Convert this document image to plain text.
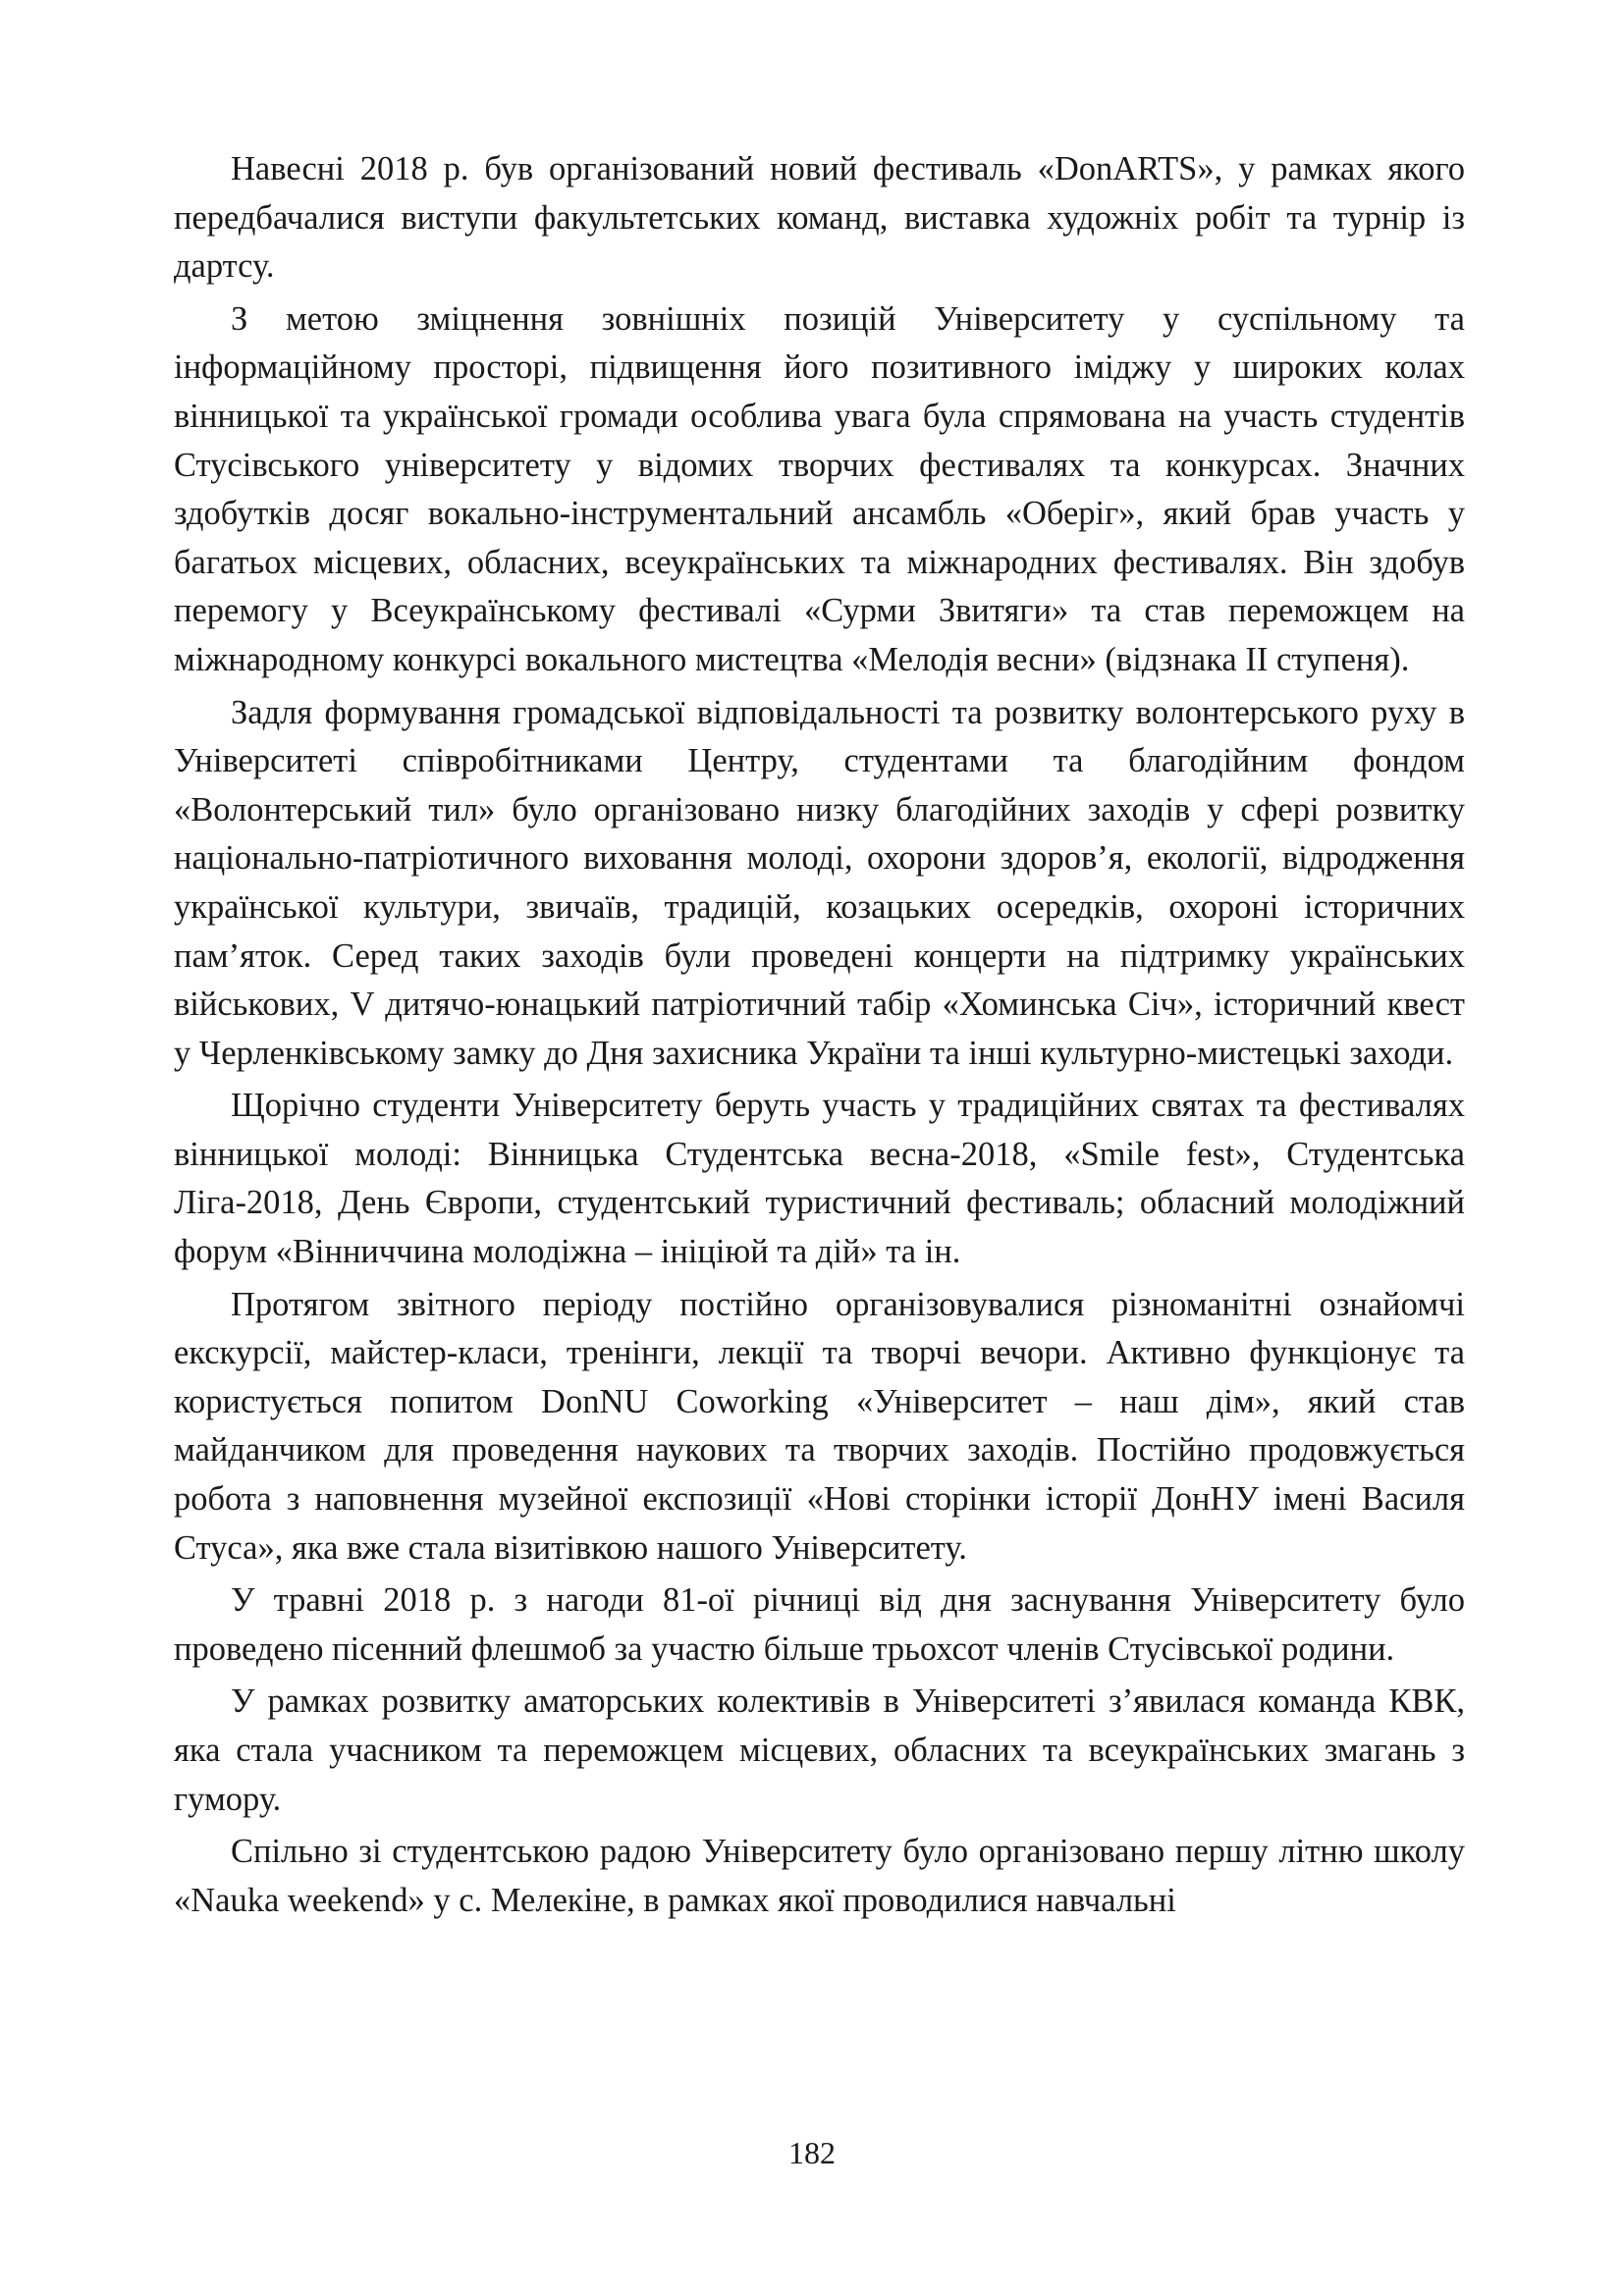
Навесні 2018 р. був організований новий фестиваль «DonARTS», у рамках якого передбачалися виступи факультетських команд, виставка художніх робіт та турнір із дартсу.

З метою зміцнення зовнішніх позицій Університету у суспільному та інформаційному просторі, підвищення його позитивного іміджу у широких колах вінницької та української громади особлива увага була спрямована на участь студентів Стусівського університету у відомих творчих фестивалях та конкурсах. Значних здобутків досяг вокально-інструментальний ансамбль «Оберіг», який брав участь у багатьох місцевих, обласних, всеукраїнських та міжнародних фестивалях. Він здобув перемогу у Всеукраїнському фестивалі «Сурми Звитяги» та став переможцем на міжнародному конкурсі вокального мистецтва «Мелодія весни» (відзнака ІІ ступеня).

Задля формування громадської відповідальності та розвитку волонтерського руху в Університеті співробітниками Центру, студентами та благодійним фондом «Волонтерський тил» було організовано низку благодійних заходів у сфері розвитку національно-патріотичного виховання молоді, охорони здоров’я, екології, відродження української культури, звичаїв, традицій, козацьких осередків, охороні історичних пам’яток. Серед таких заходів були проведені концерти на підтримку українських військових, V дитячо-юнацький патріотичний табір «Хоминська Січ», історичний квест у Черленківському замку до Дня захисника України та інші культурно-мистецькі заходи.

Щорічно студенти Університету беруть участь у традиційних святах та фестивалях вінницької молоді: Вінницька Студентська весна-2018, «Smile fest», Студентська Ліга-2018, День Європи, студентський туристичний фестиваль; обласний молодіжний форум «Вінниччина молодіжна – ініціюй та дій» та ін.

Протягом звітного періоду постійно організовувалися різноманітні ознайомчі екскурсії, майстер-класи, тренінги, лекції та творчі вечори. Активно функціонує та користується попитом DonNU Coworking «Університет – наш дім», який став майданчиком для проведення наукових та творчих заходів. Постійно продовжується робота з наповнення музейної експозиції «Нові сторінки історії ДонНУ імені Василя Стуса», яка вже стала візитівкою нашого Університету.

У травні 2018 р. з нагоди 81-ої річниці від дня заснування Університету було проведено пісенний флешмоб за участю більше трьохсот членів Стусівської родини.

У рамках розвитку аматорських колективів в Університеті з’явилася команда КВК, яка стала учасником та переможцем місцевих, обласних та всеукраїнських змагань з гумору.

Спільно зі студентською радою Університету було організовано першу літню школу «Nauka weekend» у с. Мелекіне, в рамках якої проводилися навчальні

182
